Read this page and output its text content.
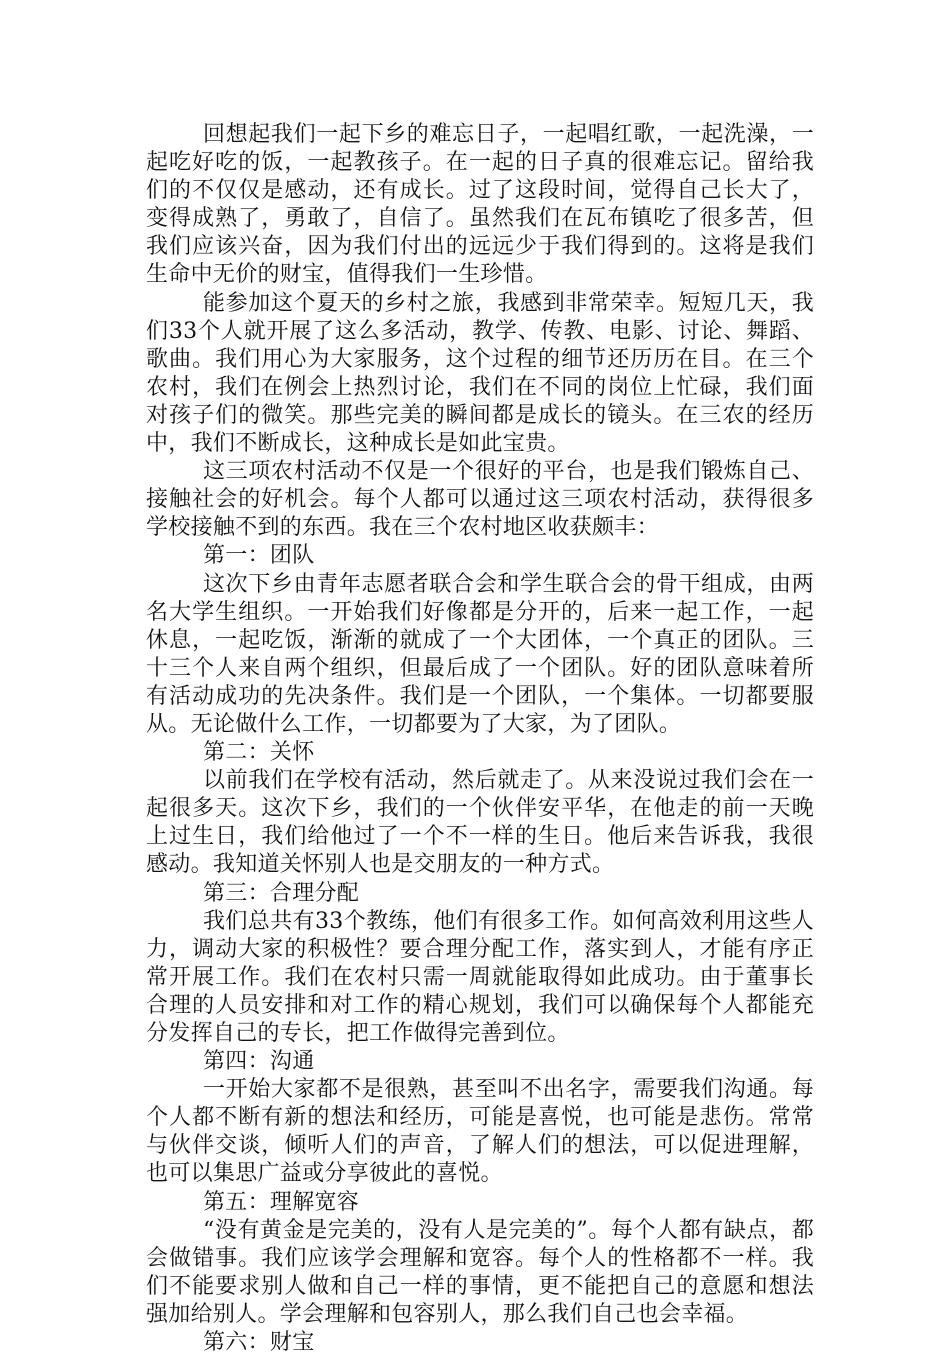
回想起我们一起下乡的难忘日子，一起唱红歌，一起洗澡，一起吃好吃的饭，一起教孩子。在一起的日子真的很难忘记。留给我们的不仅仅是感动，还有成长。过了这段时间，觉得自己长大了，变得成熟了，勇敢了，自信了。虽然我们在瓦布镇吃了很多苦，但我们应该兴奋，因为我们付出的远远少于我们得到的。这将是我们生命中无价的财宝，值得我们一生珍惜。

能参加这个夏天的乡村之旅，我感到非常荣幸。短短几天，我们33个人就开展了这么多活动，教学、传教、电影、讨论、舞蹈、歌曲。我们用心为大家服务，这个过程的细节还历历在目。在三个农村，我们在例会上热烈讨论，我们在不同的岗位上忙碌，我们面对孩子们的微笑。那些完美的瞬间都是成长的镜头。在三农的经历中，我们不断成长，这种成长是如此宝贵。

这三项农村活动不仅是一个很好的平台，也是我们锻炼自己、接触社会的好机会。每个人都可以通过这三项农村活动，获得很多学校接触不到的东西。我在三个农村地区收获颇丰：

第一：团队

这次下乡由青年志愿者联合会和学生联合会的骨干组成，由两名大学生组织。一开始我们好像都是分开的，后来一起工作，一起休息，一起吃饭，渐渐的就成了一个大团体，一个真正的团队。三十三个人来自两个组织，但最后成了一个团队。好的团队意味着所有活动成功的先决条件。我们是一个团队，一个集体。一切都要服从。无论做什么工作，一切都要为了大家，为了团队。

第二：关怀

以前我们在学校有活动，然后就走了。从来没说过我们会在一起很多天。这次下乡，我们的一个伙伴安平华，在他走的前一天晚上过生日，我们给他过了一个不一样的生日。他后来告诉我，我很感动。我知道关怀别人也是交朋友的一种方式。

第三：合理分配

我们总共有33个教练，他们有很多工作。如何高效利用这些人力，调动大家的积极性？要合理分配工作，落实到人，才能有序正常开展工作。我们在农村只需一周就能取得如此成功。由于董事长合理的人员安排和对工作的精心规划，我们可以确保每个人都能充分发挥自己的专长，把工作做得完善到位。

第四：沟通

一开始大家都不是很熟，甚至叫不出名字，需要我们沟通。每个人都不断有新的想法和经历，可能是喜悦，也可能是悲伤。常常与伙伴交谈，倾听人们的声音，了解人们的想法，可以促进理解，也可以集思广益或分享彼此的喜悦。

第五：理解宽容

“没有黄金是完美的，没有人是完美的”。每个人都有缺点，都会做错事。我们应该学会理解和宽容。每个人的性格都不一样。我们不能要求别人做和自己一样的事情，更不能把自己的意愿和想法强加给别人。学会理解和包容别人，那么我们自己也会幸福。

第六：财宝
